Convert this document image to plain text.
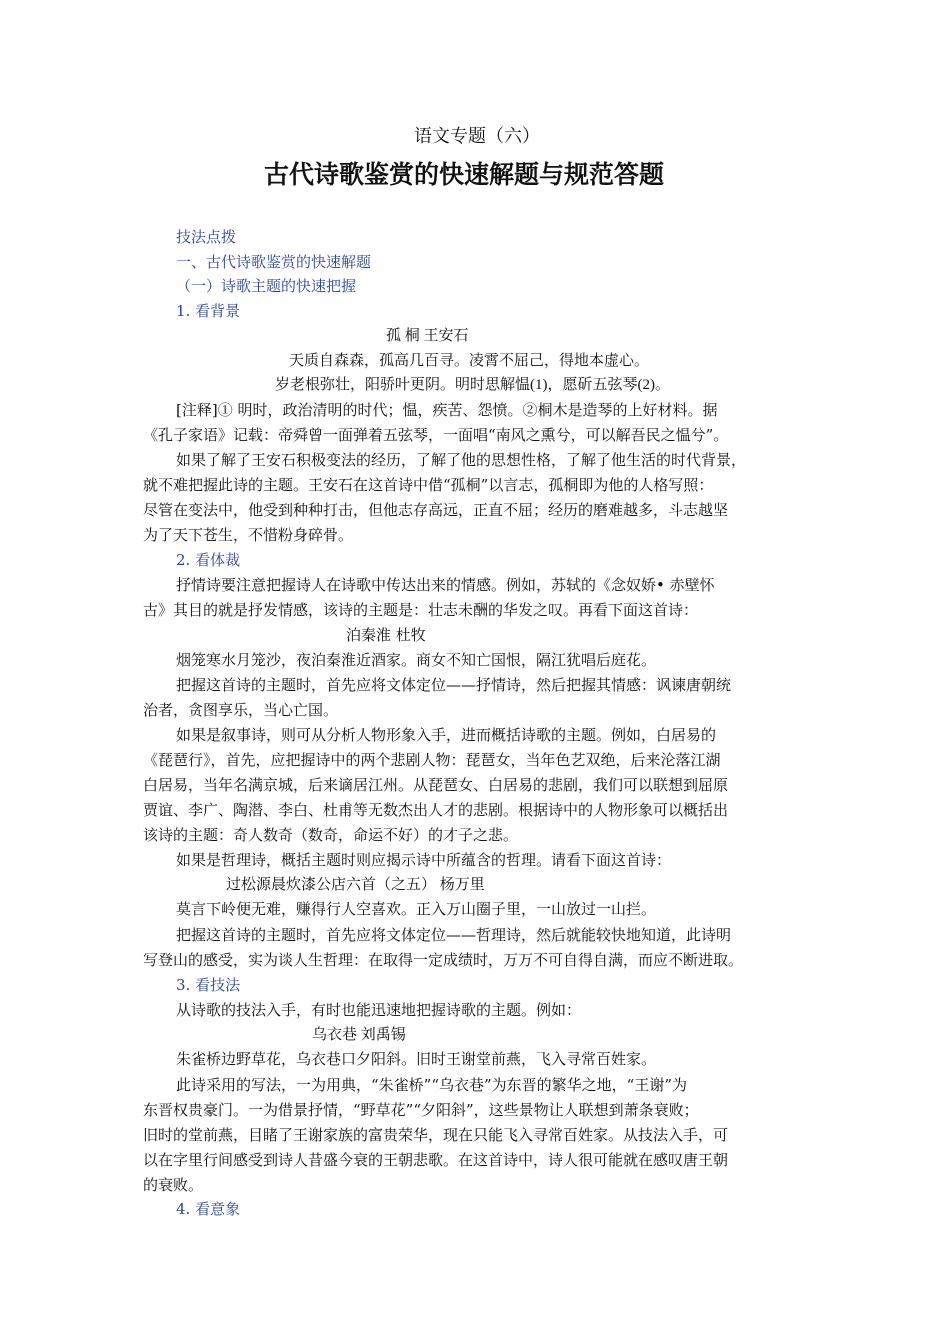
语文专题（六）
古代诗歌鉴赏的快速解题与规范答题
技法点拨
一、古代诗歌鉴赏的快速解题
（一）诗歌主题的快速把握
1. 看背景
孤 桐 王安石
天质自森森，孤高几百寻。凌霄不屈己，得地本虚心。
岁老根弥壮，阳骄叶更阴。明时思解愠(1)，愿斫五弦琴(2)。
[注释]① 明时，政治清明的时代；愠，疾苦、怨愤。②桐木是造琴的上好材料。据
《孔子家语》记载：帝舜曾一面弹着五弦琴，一面唱“南风之熏兮，可以解吾民之愠兮”。
如果了解了王安石积极变法的经历，了解了他的思想性格，了解了他生活的时代背景，
就不难把握此诗的主题。王安石在这首诗中借“孤桐”以言志，孤桐即为他的人格写照：
尽管在变法中，他受到种种打击，但他志存高远，正直不屈；经历的磨难越多，斗志越坚
为了天下苍生，不惜粉身碎骨。
2. 看体裁
抒情诗要注意把握诗人在诗歌中传达出来的情感。例如，苏轼的《念奴娇• 赤壁怀
古》其目的就是抒发情感，该诗的主题是：壮志未酬的华发之叹。再看下面这首诗：
泊秦淮 杜牧
烟笼寒水月笼沙，夜泊秦淮近酒家。商女不知亡国恨，隔江犹唱后庭花。
把握这首诗的主题时，首先应将文体定位——抒情诗，然后把握其情感：讽谏唐朝统
治者，贪图享乐，当心亡国。
如果是叙事诗，则可从分析人物形象入手，进而概括诗歌的主题。例如，白居易的
《琵琶行》，首先，应把握诗中的两个悲剧人物：琵琶女，当年色艺双绝，后来沦落江湖
白居易，当年名满京城，后来谪居江州。从琵琶女、白居易的悲剧，我们可以联想到屈原
贾谊、李广、陶潜、李白、杜甫等无数杰出人才的悲剧。根据诗中的人物形象可以概括出
该诗的主题：奇人数奇（数奇，命运不好）的才子之悲。
如果是哲理诗，概括主题时则应揭示诗中所蕴含的哲理。请看下面这首诗：
过松源晨炊漆公店六首（之五） 杨万里
莫言下岭便无难，赚得行人空喜欢。正入万山圈子里，一山放过一山拦。
把握这首诗的主题时，首先应将文体定位——哲理诗，然后就能较快地知道，此诗明
写登山的感受，实为谈人生哲理：在取得一定成绩时，万万不可自得自满，而应不断进取。
3. 看技法
从诗歌的技法入手，有时也能迅速地把握诗歌的主题。例如：
乌衣巷 刘禹锡
朱雀桥边野草花，乌衣巷口夕阳斜。旧时王谢堂前燕，飞入寻常百姓家。
此诗采用的写法，一为用典，“朱雀桥”“乌衣巷”为东晋的繁华之地，“王谢”为
东晋权贵豪门。一为借景抒情，“野草花”“夕阳斜”，这些景物让人联想到萧条衰败；
旧时的堂前燕，目睹了王谢家族的富贵荣华，现在只能飞入寻常百姓家。从技法入手，可
以在字里行间感受到诗人昔盛今衰的王朝悲歌。在这首诗中，诗人很可能就在感叹唐王朝
的衰败。
4. 看意象
